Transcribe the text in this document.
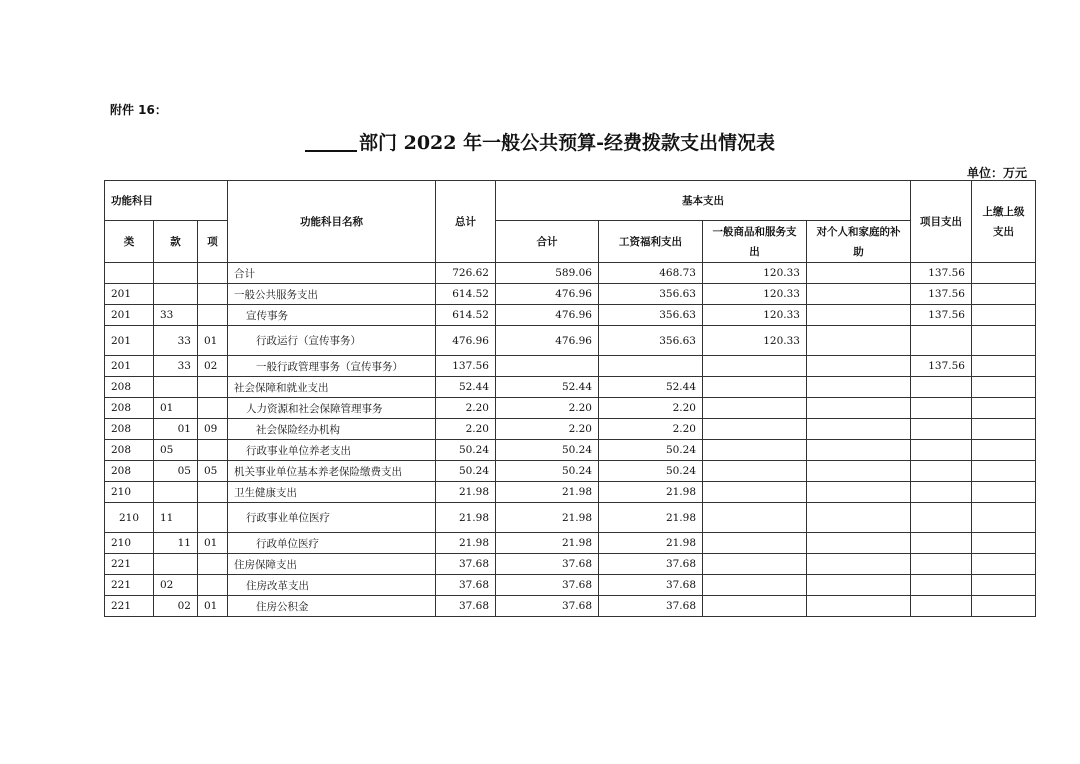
附件 16：
部门 2022 年一般公共预算-经费拨款支出情况表
单位：万元
功能科目			功能科目名称	总计	基本支出				项目支出	上缴上级支出
类	款	项			合计	工资福利支出	一般商品和服务支出	对个人和家庭的补助		
			合计	726.62	589.06	468.73	120.33		137.56	
201			一般公共服务支出	614.52	476.96	356.63	120.33		137.56	
201	33		宣传事务	614.52	476.96	356.63	120.33		137.56	
201	33	01	行政运行（宣传事务）	476.96	476.96	356.63	120.33			
201	33	02	一般行政管理事务（宣传事务）	137.56					137.56	
208			社会保障和就业支出	52.44	52.44	52.44				
208	01		人力资源和社会保障管理事务	2.20	2.20	2.20				
208	01	09	社会保险经办机构	2.20	2.20	2.20				
208	05		行政事业单位养老支出	50.24	50.24	50.24				
208	05	05	机关事业单位基本养老保险缴费支出	50.24	50.24	50.24				
210			卫生健康支出	21.98	21.98	21.98				
210	11		行政事业单位医疗	21.98	21.98	21.98				
210	11	01	行政单位医疗	21.98	21.98	21.98				
221			住房保障支出	37.68	37.68	37.68				
221	02		住房改革支出	37.68	37.68	37.68				
221	02	01	住房公积金	37.68	37.68	37.68				
